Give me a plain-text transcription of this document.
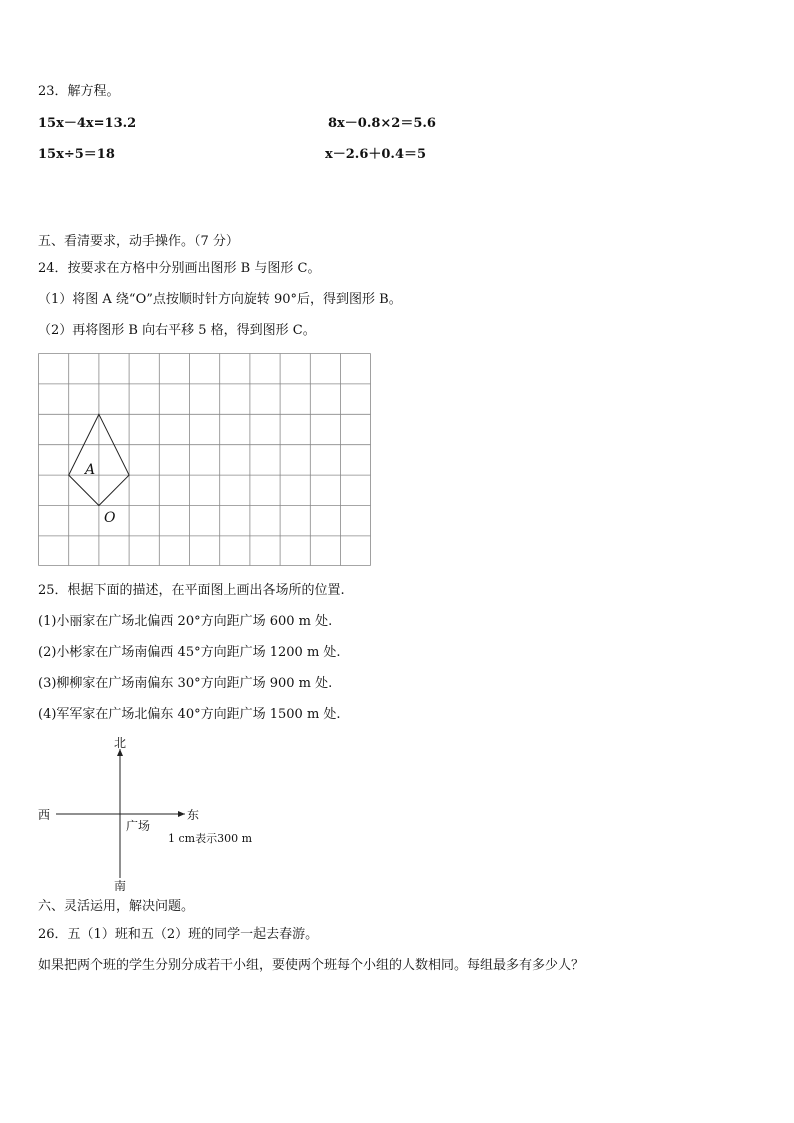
23．解方程。
15x－4x=13.2	8x－0.8×2＝5.6
15x÷5＝18	x－2.6＋0.4＝5
五、看清要求，动手操作。（7 分）
24．按要求在方格中分别画出图形 B 与图形 C。
（1）将图 A 绕“O”点按顺时针方向旋转 90°后，得到图形 B。
（2）再将图形 B 向右平移 5 格，得到图形 C。
A
O
25．根据下面的描述，在平面图上画出各场所的位置.
(1)小丽家在广场北偏西 20°方向距广场 600 m 处.
(2)小彬家在广场南偏西 45°方向距广场 1200 m 处.
(3)柳柳家在广场南偏东 30°方向距广场 900 m 处.
(4)军军家在广场北偏东 40°方向距广场 1500 m 处.
北
南
西	东
广场
1 cm表示300 m
六、灵活运用，解决问题。
26．五（1）班和五（2）班的同学一起去春游。
如果把两个班的学生分别分成若干小组，要使两个班每个小组的人数相同。每组最多有多少人？
